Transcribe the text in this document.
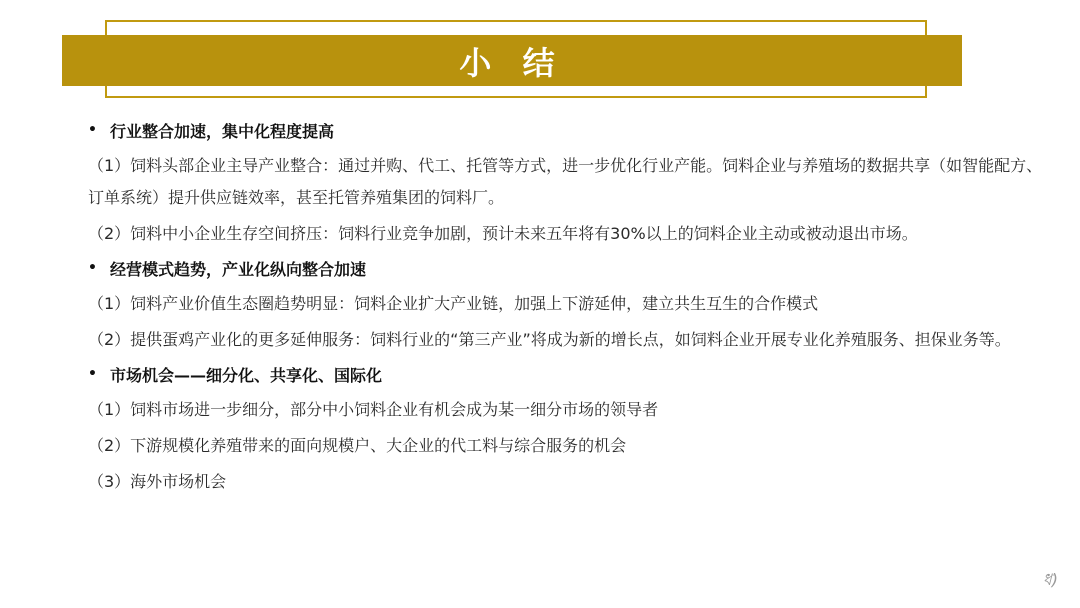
小 结
• 行业整合加速，集中化程度提高
（1）饲料头部企业主导产业整合：通过并购、代工、托管等方式，进一步优化行业产能。饲料企业与养殖场的数据共享（如智能配方、订单系统）提升供应链效率，甚至托管养殖集团的饲料厂。
（2）饲料中小企业生存空间挤压：饲料行业竞争加剧，预计未来五年将有30%以上的饲料企业主动或被动退出市场。
• 经营模式趋势，产业化纵向整合加速
（1）饲料产业价值生态圈趋势明显：饲料企业扩大产业链，加强上下游延伸，建立共生互生的合作模式
（2）提供蛋鸡产业化的更多延伸服务：饲料行业的“第三产业”将成为新的增长点，如饲料企业开展专业化养殖服务、担保业务等。
• 市场机会——细分化、共享化、国际化
（1）饲料市场进一步细分，部分中小饲料企业有机会成为某一细分市场的领导者
（2）下游规模化养殖带来的面向规模户、大企业的代工料与综合服务的机会
（3）海外市场机会
ধ)
